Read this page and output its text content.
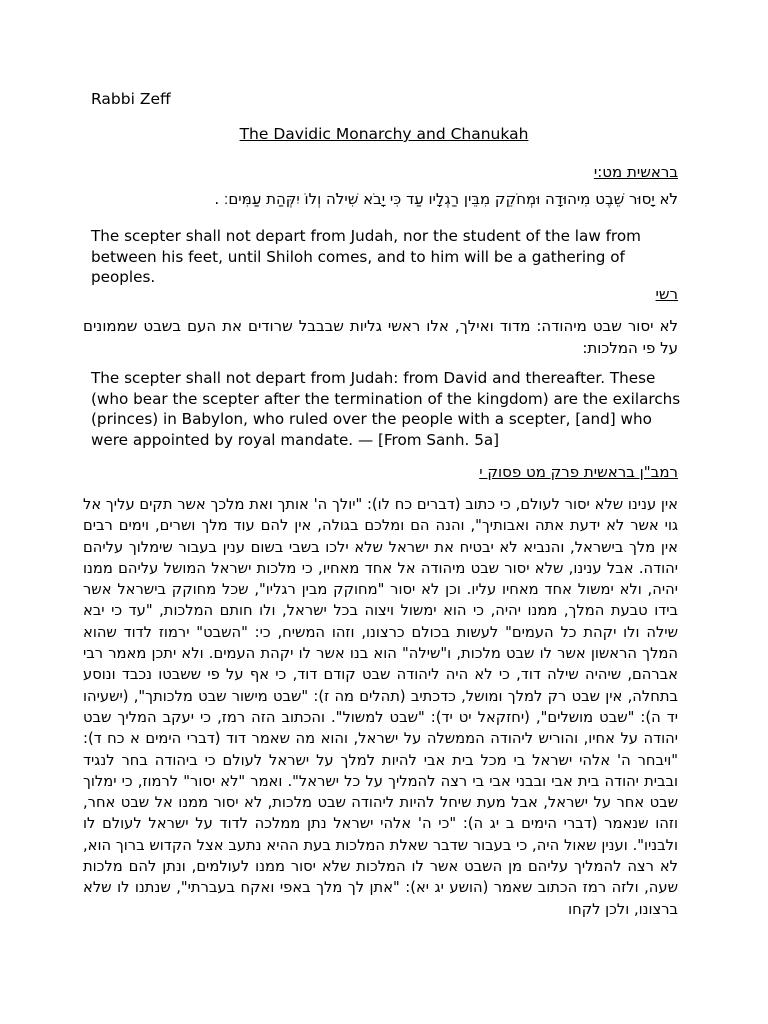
Rabbi Zeff
The Davidic Monarchy and Chanukah
בראשית מט:י
לֹא יָסוּר שֵׁבֶט מִיהוּדָה וּמְחֹקֵק מִבֵּין רַגְלָיו עַד כִּי יָבֹא שִׁילֹה וְלוֹ יִקְּהַת עַמִּים׃ .
The scepter shall not depart from Judah, nor the student of the law from between his feet, until Shiloh comes, and to him will be a gathering of peoples.
רשי
לא יסור שבט מיהודה: מדוד ואילך, אלו ראשי גליות שבבבל שרודים את העם בשבט שממונים על פי המלכות:
The scepter shall not depart from Judah: from David and thereafter. These (who bear the scepter after the termination of the kingdom) are the exilarchs (princes) in Babylon, who ruled over the people with a scepter, [and] who were appointed by royal mandate. — [From Sanh. 5a]
רמב"ן בראשית פרק מט פסוק י
אין ענינו שלא יסור לעולם, כי כתוב (דברים כח לו): "יולך ה' אותך ואת מלכך אשר תקים עליך אל גוי אשר לא ידעת אתה ואבותיך", והנה הם ומלכם בגולה, אין להם עוד מלך ושרים, וימים רבים אין מלך בישראל, והנביא לא יבטיח את ישראל שלא ילכו בשבי בשום ענין בעבור שימלוך עליהם יהודה. אבל ענינו, שלא יסור שבט מיהודה אל אחד מאחיו, כי מלכות ישראל המושל עליהם ממנו יהיה, ולא ימשול אחד מאחיו עליו. וכן לא יסור "מחוקק מבין רגליו", שכל מחוקק בישראל אשר בידו טבעת המלך, ממנו יהיה, כי הוא ימשול ויצוה בכל ישראל, ולו חותם המלכות, "עד כי יבא שילה ולו יקהת כל העמים" לעשות בכולם כרצונו, וזהו המשיח, כי: "השבט" ירמוז לדוד שהוא המלך הראשון אשר לו שבט מלכות, ו"שילה" הוא בנו אשר לו יקהת העמים. ולא יתכן מאמר רבי אברהם, שיהיה שילה דוד, כי לא היה ליהודה שבט קודם דוד, כי אף על פי ששבטו נכבד ונוסע בתחלה, אין שבט רק למלך ומושל, כדכתיב (תהלים מה ז): "שבט מישור שבט מלכותך", (ישעיהו יד ה): "שבט מושלים", (יחזקאל יט יד): "שבט למשול". והכתוב הזה רמז, כי יעקב המליך שבט יהודה על אחיו, והוריש ליהודה הממשלה על ישראל, והוא מה שאמר דוד (דברי הימים א כח ד): "ויבחר ה' אלהי ישראל בי מכל בית אבי להיות למלך על ישראל לעולם כי ביהודה בחר לנגיד ובבית יהודה בית אבי ובבני אבי בי רצה להמליך על כל ישראל". ואמר "לא יסור" לרמוז, כי ימלוך שבט אחר על ישראל, אבל מעת שיחל להיות ליהודה שבט מלכות, לא יסור ממנו אל שבט אחר, וזהו שנאמר (דברי הימים ב יג ה): "כי ה' אלהי ישראל נתן ממלכה לדוד על ישראל לעולם לו ולבניו". וענין שאול היה, כי בעבור שדבר שאלת המלכות בעת ההיא נתעב אצל הקדוש ברוך הוא, לא רצה להמליך עליהם מן השבט אשר לו המלכות שלא יסור ממנו לעולמים, ונתן להם מלכות שעה, ולזה רמז הכתוב שאמר (הושע יג יא): "אתן לך מלך באפי ואקח בעברתי", שנתנו לו שלא ברצונו, ולכן לקחו
